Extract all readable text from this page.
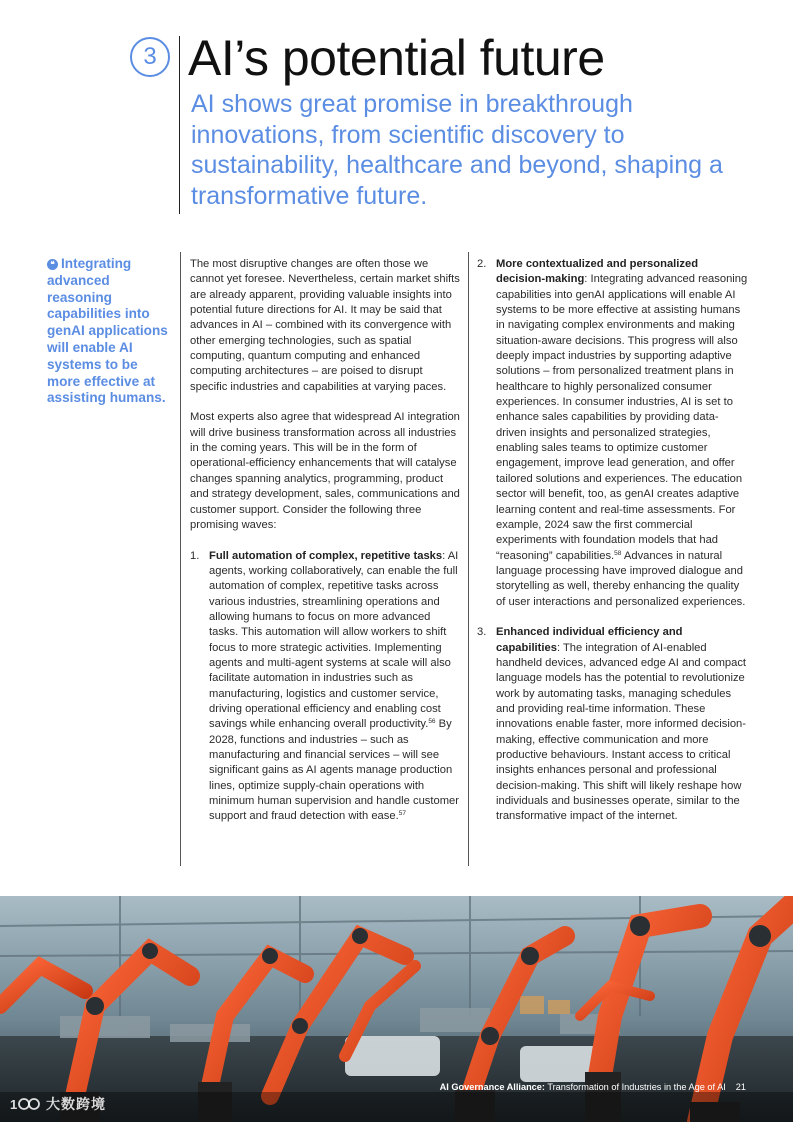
3 AI’s potential future

AI shows great promise in breakthrough innovations, from scientific discovery to sustainability, healthcare and beyond, shaping a transformative future.

❝ Integrating advanced reasoning capabilities into genAI applications will enable AI systems to be more effective at assisting humans.

The most disruptive changes are often those we cannot yet foresee. Nevertheless, certain market shifts are already apparent, providing valuable insights into potential future directions for AI. It may be said that advances in AI – combined with its convergence with other emerging technologies, such as spatial computing, quantum computing and enhanced computing architectures – are poised to disrupt specific industries and capabilities at varying paces.

Most experts also agree that widespread AI integration will drive business transformation across all industries in the coming years. This will be in the form of operational-efficiency enhancements that will catalyse changes spanning analytics, programming, product and strategy development, sales, communications and customer support. Consider the following three promising waves:

1. Full automation of complex, repetitive tasks: AI agents, working collaboratively, can enable the full automation of complex, repetitive tasks across various industries, streamlining operations and allowing humans to focus on more advanced tasks. This automation will allow workers to shift focus to more strategic activities. Implementing agents and multi-agent systems at scale will also facilitate automation in industries such as manufacturing, logistics and customer service, driving operational efficiency and enabling cost savings while enhancing overall productivity.$^{56}$ By 2028, functions and industries – such as manufacturing and financial services – will see significant gains as AI agents manage production lines, optimize supply-chain operations with minimum human supervision and handle customer support and fraud detection with ease.$^{57}$
2. More contextualized and personalized decision-making: Integrating advanced reasoning capabilities into genAI applications will enable AI systems to be more effective at assisting humans in navigating complex environments and making situation-aware decisions. This progress will also deeply impact industries by supporting adaptive solutions – from personalized treatment plans in healthcare to highly personalized consumer experiences. In consumer industries, AI is set to enhance sales capabilities by providing data-driven insights and personalized strategies, enabling sales teams to optimize customer engagement, improve lead generation, and offer tailored solutions and experiences. The education sector will benefit, too, as genAI creates adaptive learning content and real-time assessments. For example, 2024 saw the first commercial experiments with foundation models that had “reasoning” capabilities.$^{58}$ Advances in natural language processing have improved dialogue and storytelling as well, thereby enhancing the quality of user interactions and personalized experiences.
3. Enhanced individual efficiency and capabilities: The integration of AI-enabled handheld devices, advanced edge AI and compact language models has the potential to revolutionize work by automating tasks, managing schedules and providing real-time information. These innovations enable faster, more informed decision-making, effective communication and more productive behaviours. Instant access to critical insights enhances personal and professional decision-making. This shift will likely reshape how individuals and businesses operate, similar to the transformative impact of the internet.
AI Governance Alliance: Transformation of Industries in the Age of AI 21
1 大数跨境
